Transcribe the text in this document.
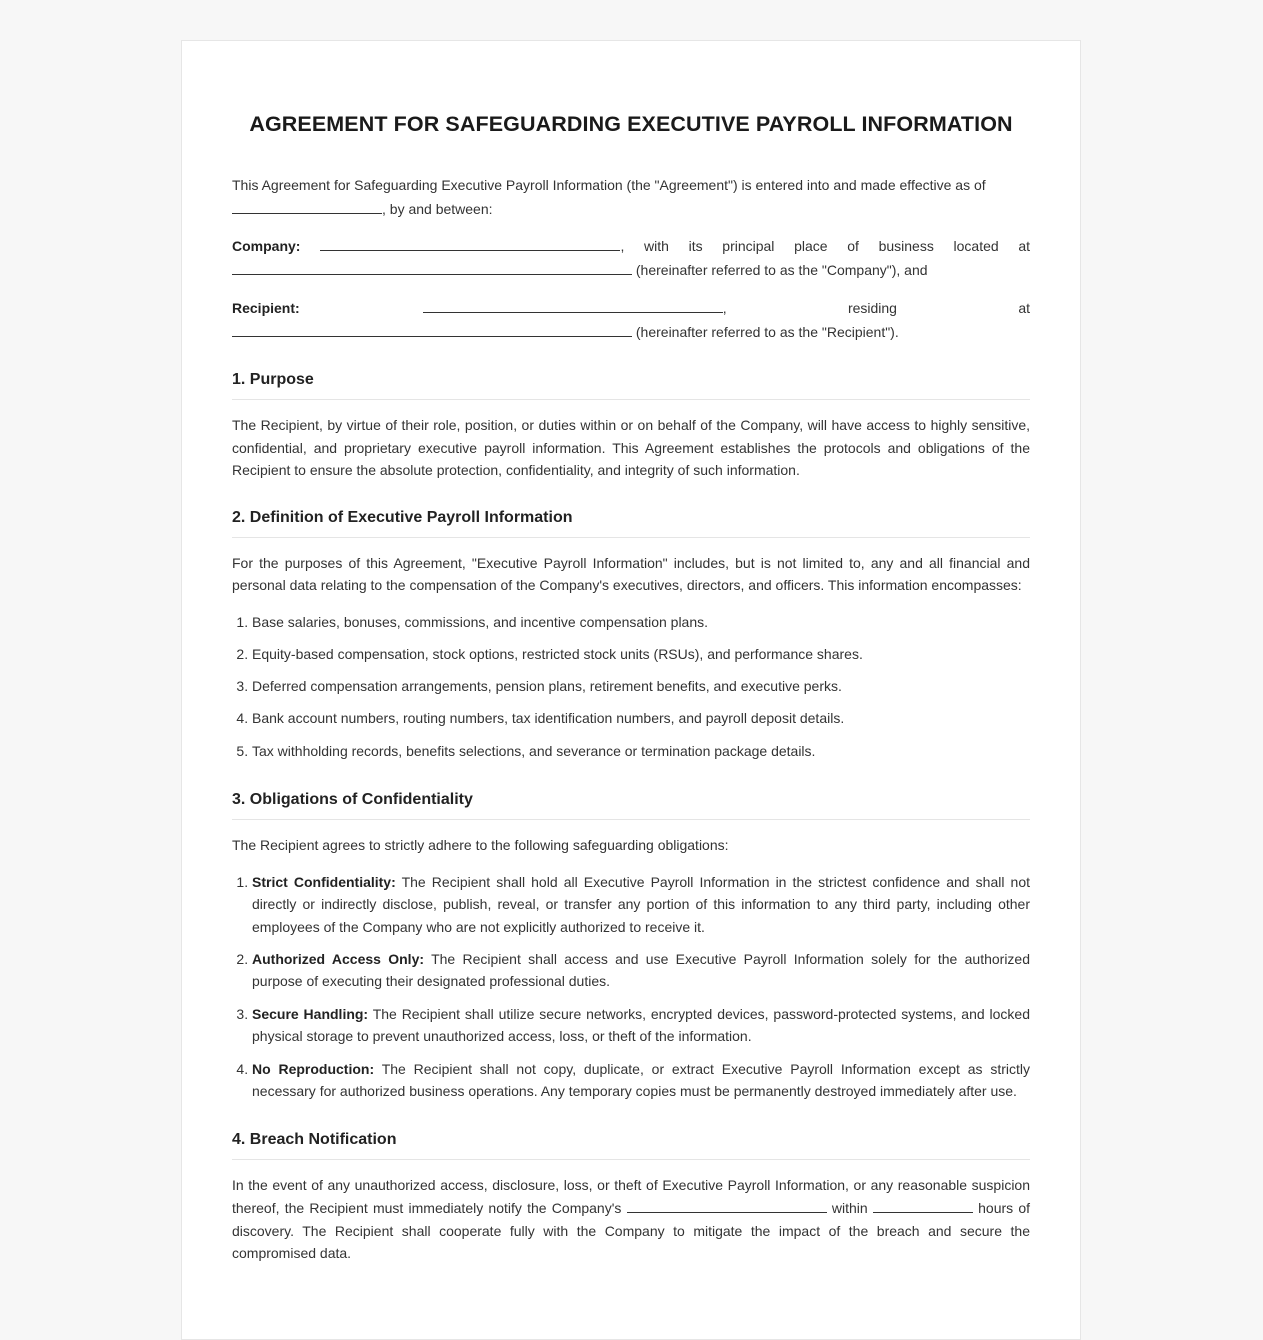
AGREEMENT FOR SAFEGUARDING EXECUTIVE PAYROLL INFORMATION

This Agreement for Safeguarding Executive Payroll Information (the "Agreement") is entered into and made effective as of
, by and between:

Company:	, with its principal place of business located at
(hereinafter referred to as the "Company"), and

Recipient:	,	residing	at
(hereinafter referred to as the "Recipient").

1. Purpose

The Recipient, by virtue of their role, position, or duties within or on behalf of the Company, will have access to highly sensitive, confidential, and proprietary executive payroll information. This Agreement establishes the protocols and obligations of the Recipient to ensure the absolute protection, confidentiality, and integrity of such information.

2. Definition of Executive Payroll Information

For the purposes of this Agreement, "Executive Payroll Information" includes, but is not limited to, any and all financial and personal data relating to the compensation of the Company's executives, directors, and officers. This information encompasses:

1. Base salaries, bonuses, commissions, and incentive compensation plans.
2. Equity-based compensation, stock options, restricted stock units (RSUs), and performance shares.
3. Deferred compensation arrangements, pension plans, retirement benefits, and executive perks.
4. Bank account numbers, routing numbers, tax identification numbers, and payroll deposit details.
5. Tax withholding records, benefits selections, and severance or termination package details.
3. Obligations of Confidentiality

The Recipient agrees to strictly adhere to the following safeguarding obligations:

1. Strict Confidentiality: The Recipient shall hold all Executive Payroll Information in the strictest confidence and shall not directly or indirectly disclose, publish, reveal, or transfer any portion of this information to any third party, including other employees of the Company who are not explicitly authorized to receive it.
2. Authorized Access Only: The Recipient shall access and use Executive Payroll Information solely for the authorized purpose of executing their designated professional duties.
3. Secure Handling: The Recipient shall utilize secure networks, encrypted devices, password-protected systems, and locked physical storage to prevent unauthorized access, loss, or theft of the information.
4. No Reproduction: The Recipient shall not copy, duplicate, or extract Executive Payroll Information except as strictly necessary for authorized business operations. Any temporary copies must be permanently destroyed immediately after use.
4. Breach Notification

In the event of any unauthorized access, disclosure, loss, or theft of Executive Payroll Information, or any reasonable suspicion thereof, the Recipient must immediately notify the Company's	within	hours of discovery. The Recipient shall cooperate fully with the Company to mitigate the impact of the breach and secure the compromised data.
